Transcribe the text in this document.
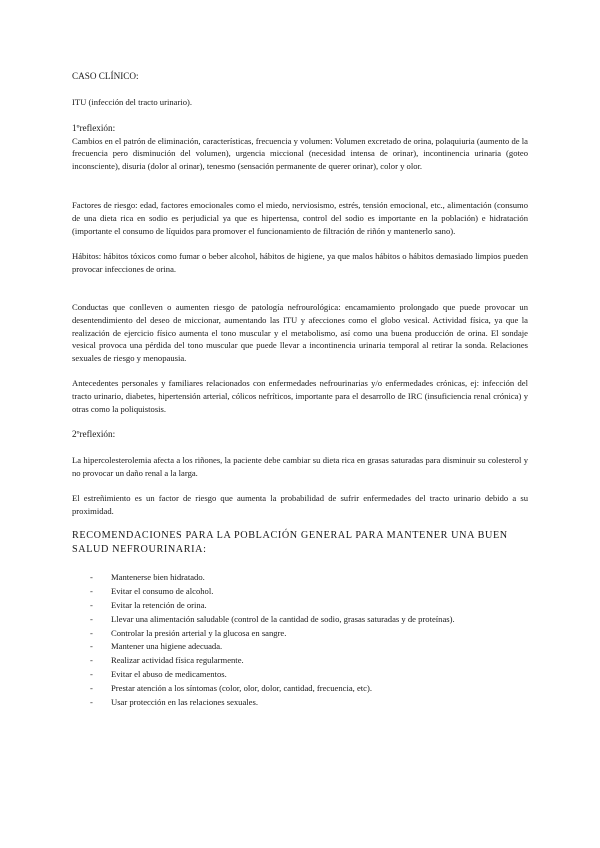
CASO CLÍNICO:

ITU (infección del tracto urinario).

1ºreflexión:

Cambios en el patrón de eliminación, características, frecuencia y volumen: Volumen excretado de orina, polaquiuria (aumento de la frecuencia pero disminución del volumen), urgencia miccional (necesidad intensa de orinar), incontinencia urinaria (goteo inconsciente), disuria (dolor al orinar), tenesmo (sensación permanente de querer orinar), color y olor.

Factores de riesgo: edad, factores emocionales como el miedo, nerviosismo, estrés, tensión emocional, etc., alimentación (consumo de una dieta rica en sodio es perjudicial ya que es hipertensa, control del sodio es importante en la población) e hidratación (importante el consumo de líquidos para promover el funcionamiento de filtración de riñón y mantenerlo sano).

Hábitos: hábitos tóxicos como fumar o beber alcohol, hábitos de higiene, ya que malos hábitos o hábitos demasiado limpios pueden provocar infecciones de orina.

Conductas que conlleven o aumenten riesgo de patología nefrourológica: encamamiento prolongado que puede provocar un desentendimiento del deseo de miccionar, aumentando las ITU y afecciones como el globo vesical. Actividad física, ya que la realización de ejercicio físico aumenta el tono muscular y el metabolismo, así como una buena producción de orina. El sondaje vesical provoca una pérdida del tono muscular que puede llevar a incontinencia urinaria temporal al retirar la sonda. Relaciones sexuales de riesgo y menopausia.

Antecedentes personales y familiares relacionados con enfermedades nefrourinarias y/o enfermedades crónicas, ej: infección del tracto urinario, diabetes, hipertensión arterial, cólicos nefríticos, importante para el desarrollo de IRC (insuficiencia renal crónica) y otras como la poliquistosis.

2ºreflexión:

La hipercolesterolemia afecta a los riñones, la paciente debe cambiar su dieta rica en grasas saturadas para disminuir su colesterol y no provocar un daño renal a la larga.

El estreñimiento es un factor de riesgo que aumenta la probabilidad de sufrir enfermedades del tracto urinario debido a su proximidad.

RECOMENDACIONES PARA LA POBLACIÓN GENERAL PARA MANTENER UNA BUEN SALUD NEFROURINARIA:

- Mantenerse bien hidratado.
- Evitar el consumo de alcohol.
- Evitar la retención de orina.
- Llevar una alimentación saludable (control de la cantidad de sodio, grasas saturadas y de proteínas).
- Controlar la presión arterial y la glucosa en sangre.
- Mantener una higiene adecuada.
- Realizar actividad física regularmente.
- Evitar el abuso de medicamentos.
- Prestar atención a los síntomas (color, olor, dolor, cantidad, frecuencia, etc).
- Usar protección en las relaciones sexuales.
